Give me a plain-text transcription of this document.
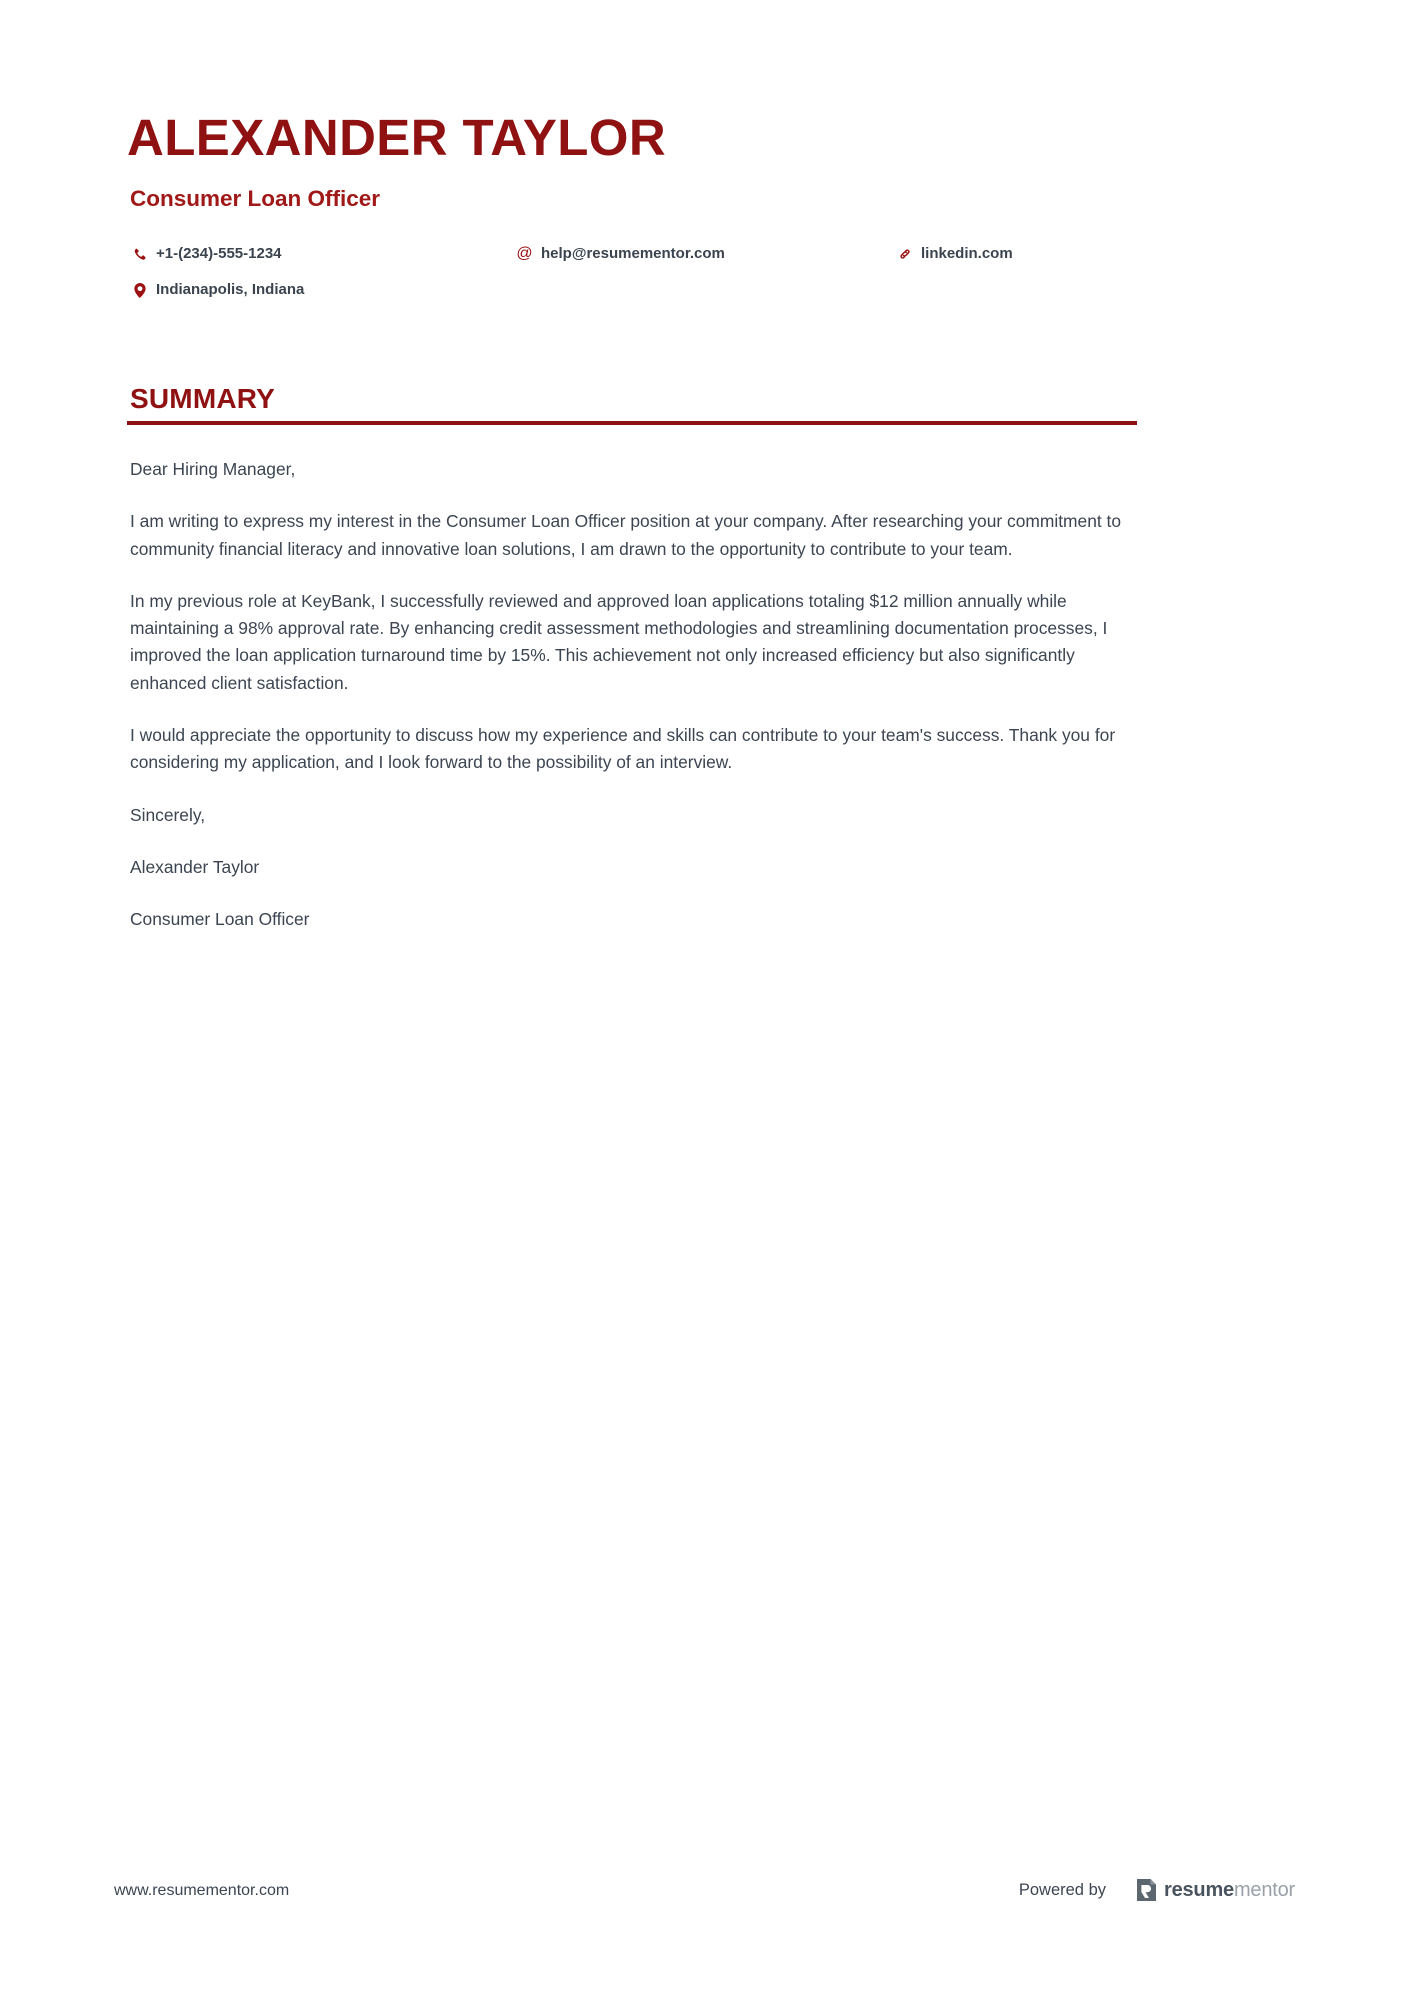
ALEXANDER TAYLOR
Consumer Loan Officer
+1-(234)-555-1234	@ help@resumementor.com	linkedin.com
Indianapolis, Indiana
SUMMARY

Dear Hiring Manager,

I am writing to express my interest in the Consumer Loan Officer position at your company. After researching your commitment to community financial literacy and innovative loan solutions, I am drawn to the opportunity to contribute to your team.

In my previous role at KeyBank, I successfully reviewed and approved loan applications totaling $12 million annually while maintaining a 98% approval rate. By enhancing credit assessment methodologies and streamlining documentation processes, I improved the loan application turnaround time by 15%. This achievement not only increased efficiency but also significantly enhanced client satisfaction.

I would appreciate the opportunity to discuss how my experience and skills can contribute to your team's success. Thank you for considering my application, and I look forward to the possibility of an interview.

Sincerely,

Alexander Taylor

Consumer Loan Officer

www.resumementor.com	Powered by	resumementor
